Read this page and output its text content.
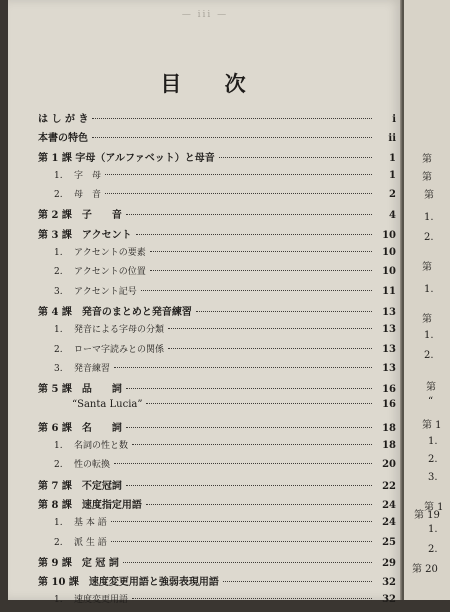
— iii —
目 次
は し が き	i
本書の特色	ii
第 1 課 字母（アルファベット）と母音	1
1. 字　母	1
2. 母　音	2
第 2 課　子　　音	4
第 3 課　アクセント	10
1. アクセントの要素	10
2. アクセントの位置	10
3. アクセント記号	11
第 4 課　発音のまとめと発音練習	13
1. 発音による字母の分類	13
2. ローマ字読みとの関係	13
3. 発音練習	13
第 5 課　品　　詞	16
“Santa Lucia”	16
第 6 課　名　　詞	18
1. 名詞の性と数	18
2. 性の転換	20
第 7 課　不定冠詞	22
第 8 課　速度指定用語	24
1. 基 本 語	24
2. 派 生 語	25
第 9 課　定 冠 詞	29
第 10 課　速度変更用語と強弱表現用語	32
1. 速度変更用語	32
第
第
第
1.
2.
第
1.
第
1.
2.
第
“
第 1
1.
2.
3.
第 1
第 19
1.
2.
第 20
